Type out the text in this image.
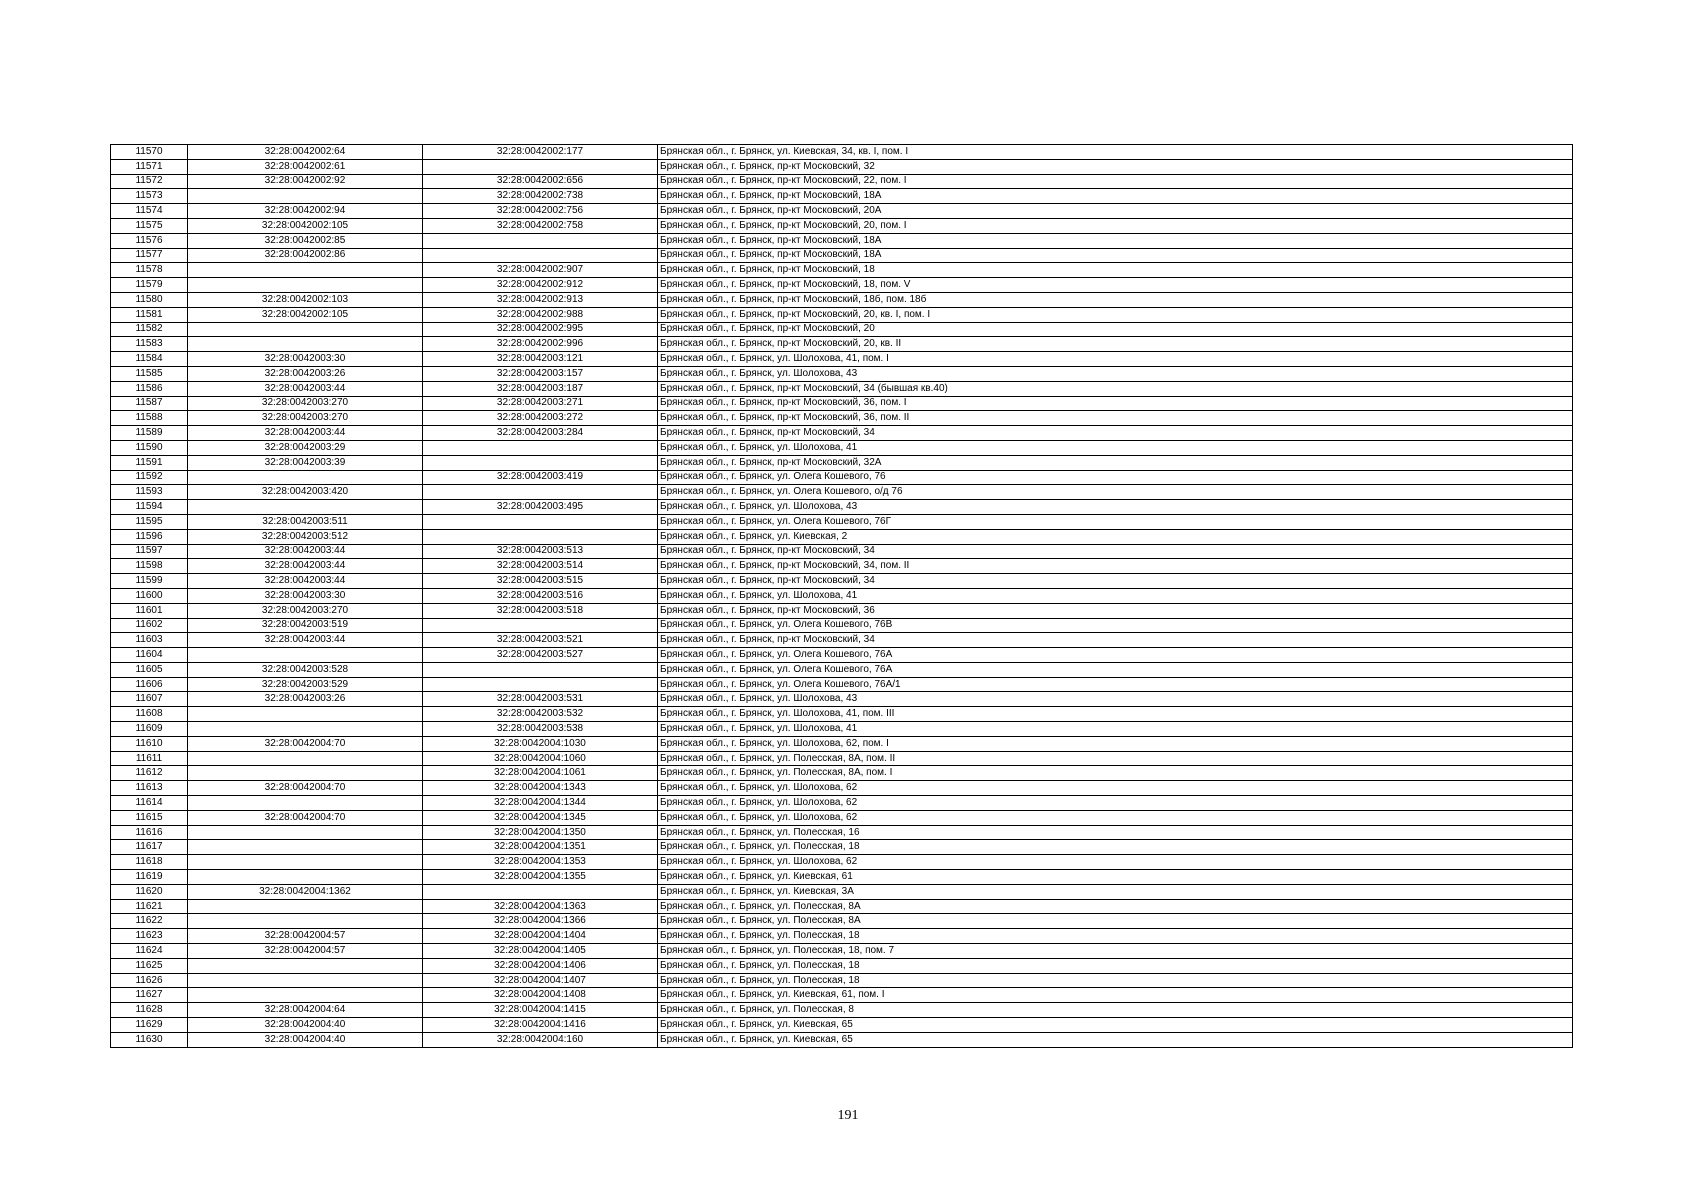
11570	32:28:0042002:64	32:28:0042002:177	Брянская обл., г. Брянск, ул. Киевская, 34, кв. I, пом. I
11571	32:28:0042002:61		Брянская обл., г. Брянск, пр-кт Московский, 32
11572	32:28:0042002:92	32:28:0042002:656	Брянская обл., г. Брянск, пр-кт Московский, 22, пом. I
11573		32:28:0042002:738	Брянская обл., г. Брянск, пр-кт Московский, 18А
11574	32:28:0042002:94	32:28:0042002:756	Брянская обл., г. Брянск, пр-кт Московский, 20А
11575	32:28:0042002:105	32:28:0042002:758	Брянская обл., г. Брянск, пр-кт Московский, 20, пом. I
11576	32:28:0042002:85		Брянская обл., г. Брянск, пр-кт Московский, 18А
11577	32:28:0042002:86		Брянская обл., г. Брянск, пр-кт Московский, 18А
11578		32:28:0042002:907	Брянская обл., г. Брянск, пр-кт Московский, 18
11579		32:28:0042002:912	Брянская обл., г. Брянск, пр-кт Московский, 18, пом. V
11580	32:28:0042002:103	32:28:0042002:913	Брянская обл., г. Брянск, пр-кт Московский, 18б, пом. 18б
11581	32:28:0042002:105	32:28:0042002:988	Брянская обл., г. Брянск, пр-кт Московский, 20, кв. I, пом. I
11582		32:28:0042002:995	Брянская обл., г. Брянск, пр-кт Московский, 20
11583		32:28:0042002:996	Брянская обл., г. Брянск, пр-кт Московский, 20, кв. II
11584	32:28:0042003:30	32:28:0042003:121	Брянская обл., г. Брянск, ул. Шолохова, 41, пом. I
11585	32:28:0042003:26	32:28:0042003:157	Брянская обл., г. Брянск, ул. Шолохова, 43
11586	32:28:0042003:44	32:28:0042003:187	Брянская обл., г. Брянск, пр-кт Московский, 34 (бывшая кв.40)
11587	32:28:0042003:270	32:28:0042003:271	Брянская обл., г. Брянск, пр-кт Московский, 36, пом. I
11588	32:28:0042003:270	32:28:0042003:272	Брянская обл., г. Брянск, пр-кт Московский, 36, пом. II
11589	32:28:0042003:44	32:28:0042003:284	Брянская обл., г. Брянск, пр-кт Московский, 34
11590	32:28:0042003:29		Брянская обл., г. Брянск, ул. Шолохова, 41
11591	32:28:0042003:39		Брянская обл., г. Брянск, пр-кт Московский, 32А
11592		32:28:0042003:419	Брянская обл., г. Брянск, ул. Олега Кошевого, 76
11593	32:28:0042003:420		Брянская обл., г. Брянск, ул. Олега Кошевого, о/д 76
11594		32:28:0042003:495	Брянская обл., г. Брянск, ул. Шолохова, 43
11595	32:28:0042003:511		Брянская обл., г. Брянск, ул. Олега Кошевого, 76Г
11596	32:28:0042003:512		Брянская обл., г. Брянск, ул. Киевская, 2
11597	32:28:0042003:44	32:28:0042003:513	Брянская обл., г. Брянск, пр-кт Московский, 34
11598	32:28:0042003:44	32:28:0042003:514	Брянская обл., г. Брянск, пр-кт Московский, 34, пом. II
11599	32:28:0042003:44	32:28:0042003:515	Брянская обл., г. Брянск, пр-кт Московский, 34
11600	32:28:0042003:30	32:28:0042003:516	Брянская обл., г. Брянск, ул. Шолохова, 41
11601	32:28:0042003:270	32:28:0042003:518	Брянская обл., г. Брянск, пр-кт Московский, 36
11602	32:28:0042003:519		Брянская обл., г. Брянск, ул. Олега Кошевого, 76В
11603	32:28:0042003:44	32:28:0042003:521	Брянская обл., г. Брянск, пр-кт Московский, 34
11604		32:28:0042003:527	Брянская обл., г. Брянск, ул. Олега Кошевого, 76А
11605	32:28:0042003:528		Брянская обл., г. Брянск, ул. Олега Кошевого, 76А
11606	32:28:0042003:529		Брянская обл., г. Брянск, ул. Олега Кошевого, 76А/1
11607	32:28:0042003:26	32:28:0042003:531	Брянская обл., г. Брянск, ул. Шолохова, 43
11608		32:28:0042003:532	Брянская обл., г. Брянск, ул. Шолохова, 41, пом. III
11609		32:28:0042003:538	Брянская обл., г. Брянск, ул. Шолохова, 41
11610	32:28:0042004:70	32:28:0042004:1030	Брянская обл., г. Брянск, ул. Шолохова, 62, пом. I
11611		32:28:0042004:1060	Брянская обл., г. Брянск, ул. Полесская, 8А, пом. II
11612		32:28:0042004:1061	Брянская обл., г. Брянск, ул. Полесская, 8А, пом. I
11613	32:28:0042004:70	32:28:0042004:1343	Брянская обл., г. Брянск, ул. Шолохова, 62
11614		32:28:0042004:1344	Брянская обл., г. Брянск, ул. Шолохова, 62
11615	32:28:0042004:70	32:28:0042004:1345	Брянская обл., г. Брянск, ул. Шолохова, 62
11616		32:28:0042004:1350	Брянская обл., г. Брянск, ул. Полесская, 16
11617		32:28:0042004:1351	Брянская обл., г. Брянск, ул. Полесская, 18
11618		32:28:0042004:1353	Брянская обл., г. Брянск, ул. Шолохова, 62
11619		32:28:0042004:1355	Брянская обл., г. Брянск, ул. Киевская, 61
11620	32:28:0042004:1362		Брянская обл., г. Брянск, ул. Киевская, 3А
11621		32:28:0042004:1363	Брянская обл., г. Брянск, ул. Полесская, 8А
11622		32:28:0042004:1366	Брянская обл., г. Брянск, ул. Полесская, 8А
11623	32:28:0042004:57	32:28:0042004:1404	Брянская обл., г. Брянск, ул. Полесская, 18
11624	32:28:0042004:57	32:28:0042004:1405	Брянская обл., г. Брянск, ул. Полесская, 18, пом. 7
11625		32:28:0042004:1406	Брянская обл., г. Брянск, ул. Полесская, 18
11626		32:28:0042004:1407	Брянская обл., г. Брянск, ул. Полесская, 18
11627		32:28:0042004:1408	Брянская обл., г. Брянск, ул. Киевская, 61, пом. I
11628	32:28:0042004:64	32:28:0042004:1415	Брянская обл., г. Брянск, ул. Полесская, 8
11629	32:28:0042004:40	32:28:0042004:1416	Брянская обл., г. Брянск, ул. Киевская, 65
11630	32:28:0042004:40	32:28:0042004:160	Брянская обл., г. Брянск, ул. Киевская, 65
191
